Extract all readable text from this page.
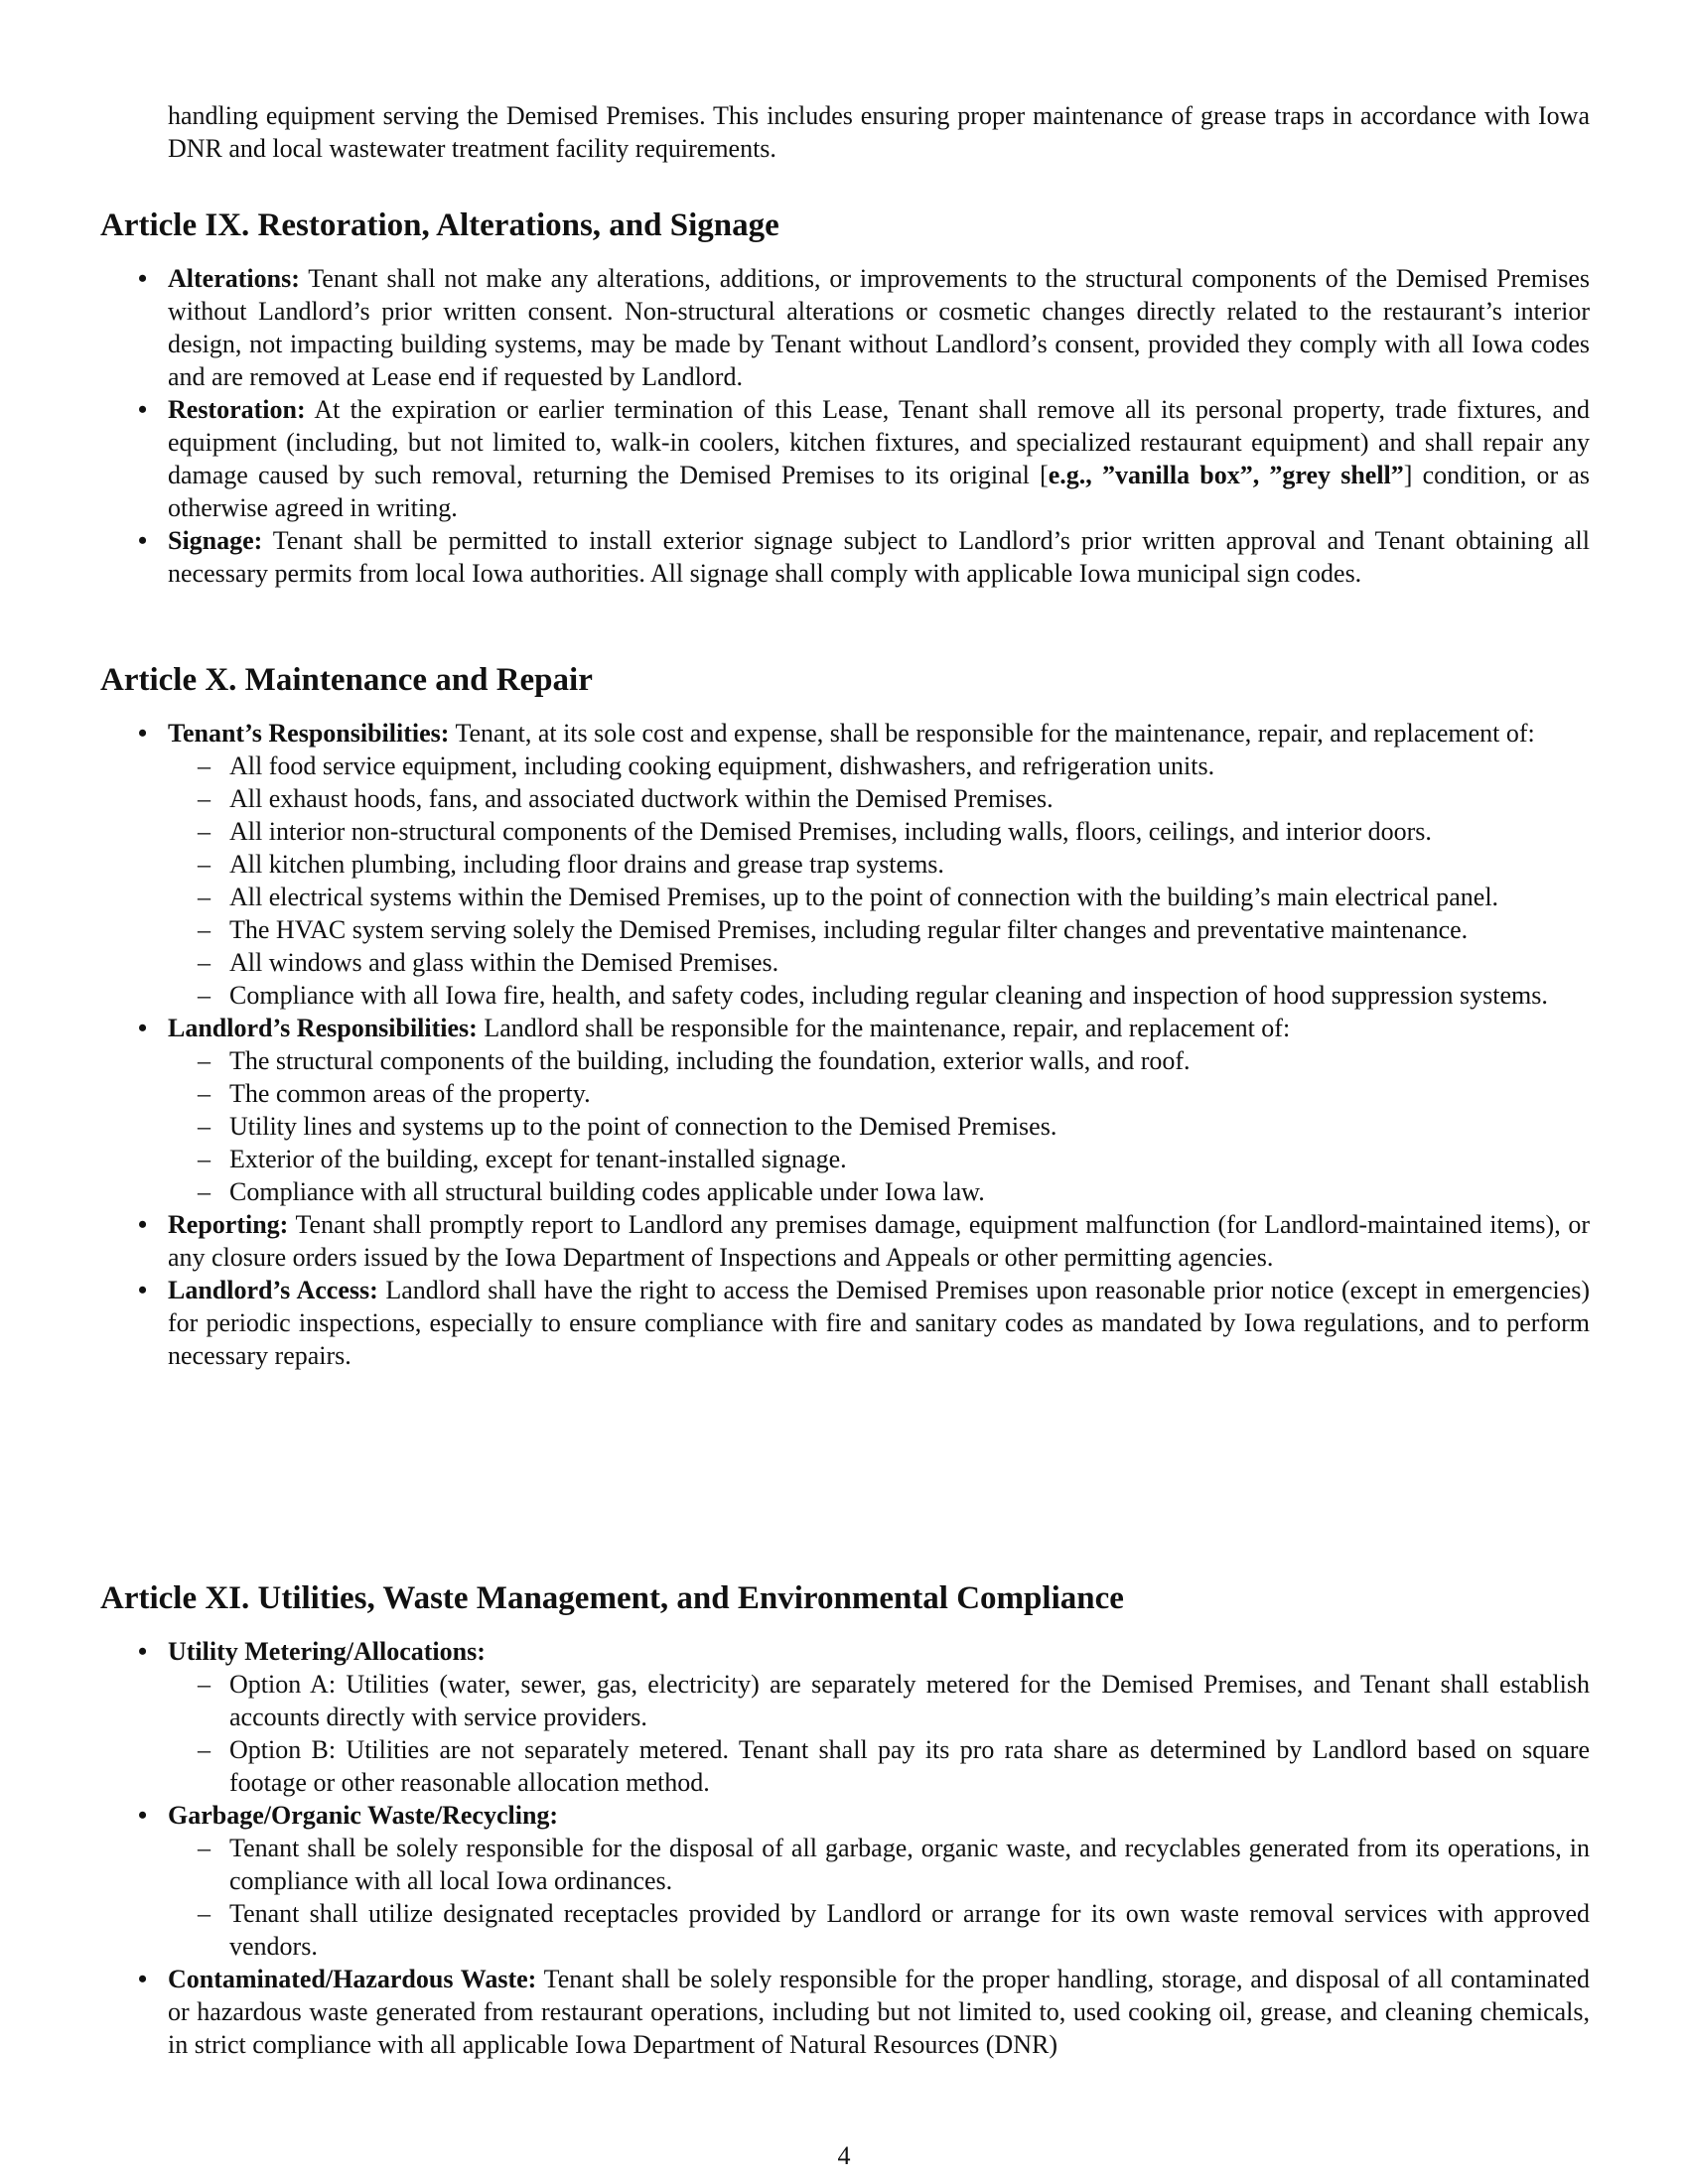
handling equipment serving the Demised Premises. This includes ensuring proper maintenance of grease traps in accordance with Iowa DNR and local wastewater treatment facility requirements.

Article IX. Restoration, Alterations, and Signage
• Alterations: Tenant shall not make any alterations, additions, or improvements to the structural components of the Demised Premises without Landlord’s prior written consent. Non-structural alterations or cosmetic changes directly related to the restaurant’s interior design, not impacting building systems, may be made by Tenant without Landlord’s consent, provided they comply with all Iowa codes and are removed at Lease end if requested by Landlord.
• Restoration: At the expiration or earlier termination of this Lease, Tenant shall remove all its personal property, trade fixtures, and equipment (including, but not limited to, walk-in coolers, kitchen fixtures, and specialized restaurant equipment) and shall repair any damage caused by such removal, returning the Demised Premises to its original [e.g., ”vanilla box”, ”grey shell”] condition, or as otherwise agreed in writing.
• Signage: Tenant shall be permitted to install exterior signage subject to Landlord’s prior written approval and Tenant obtaining all necessary permits from local Iowa authorities. All signage shall comply with applicable Iowa municipal sign codes.
Article X. Maintenance and Repair
• Tenant’s Responsibilities: Tenant, at its sole cost and expense, shall be responsible for the maintenance, repair, and replacement of:
– All food service equipment, including cooking equipment, dishwashers, and refrigeration units.
– All exhaust hoods, fans, and associated ductwork within the Demised Premises.
– All interior non-structural components of the Demised Premises, including walls, floors, ceilings, and interior doors.
– All kitchen plumbing, including floor drains and grease trap systems.
– All electrical systems within the Demised Premises, up to the point of connection with the building’s main electrical panel.
– The HVAC system serving solely the Demised Premises, including regular filter changes and preventative maintenance.
– All windows and glass within the Demised Premises.
– Compliance with all Iowa fire, health, and safety codes, including regular cleaning and inspection of hood suppression systems.
• Landlord’s Responsibilities: Landlord shall be responsible for the maintenance, repair, and replacement of:
– The structural components of the building, including the foundation, exterior walls, and roof.
– The common areas of the property.
– Utility lines and systems up to the point of connection to the Demised Premises.
– Exterior of the building, except for tenant-installed signage.
– Compliance with all structural building codes applicable under Iowa law.
• Reporting: Tenant shall promptly report to Landlord any premises damage, equipment malfunction (for Landlord-maintained items), or any closure orders issued by the Iowa Department of Inspections and Appeals or other permitting agencies.
• Landlord’s Access: Landlord shall have the right to access the Demised Premises upon reasonable prior notice (except in emergencies) for periodic inspections, especially to ensure compliance with fire and sanitary codes as mandated by Iowa regulations, and to perform necessary repairs.
Article XI. Utilities, Waste Management, and Environmental Compliance
• Utility Metering/Allocations:
– Option A: Utilities (water, sewer, gas, electricity) are separately metered for the Demised Premises, and Tenant shall establish accounts directly with service providers.
– Option B: Utilities are not separately metered. Tenant shall pay its pro rata share as determined by Landlord based on square footage or other reasonable allocation method.
• Garbage/Organic Waste/Recycling:
– Tenant shall be solely responsible for the disposal of all garbage, organic waste, and recyclables generated from its operations, in compliance with all local Iowa ordinances.
– Tenant shall utilize designated receptacles provided by Landlord or arrange for its own waste removal services with approved vendors.
• Contaminated/Hazardous Waste: Tenant shall be solely responsible for the proper handling, storage, and disposal of all contaminated or hazardous waste generated from restaurant operations, including but not limited to, used cooking oil, grease, and cleaning chemicals, in strict compliance with all applicable Iowa Department of Natural Resources (DNR)
4
